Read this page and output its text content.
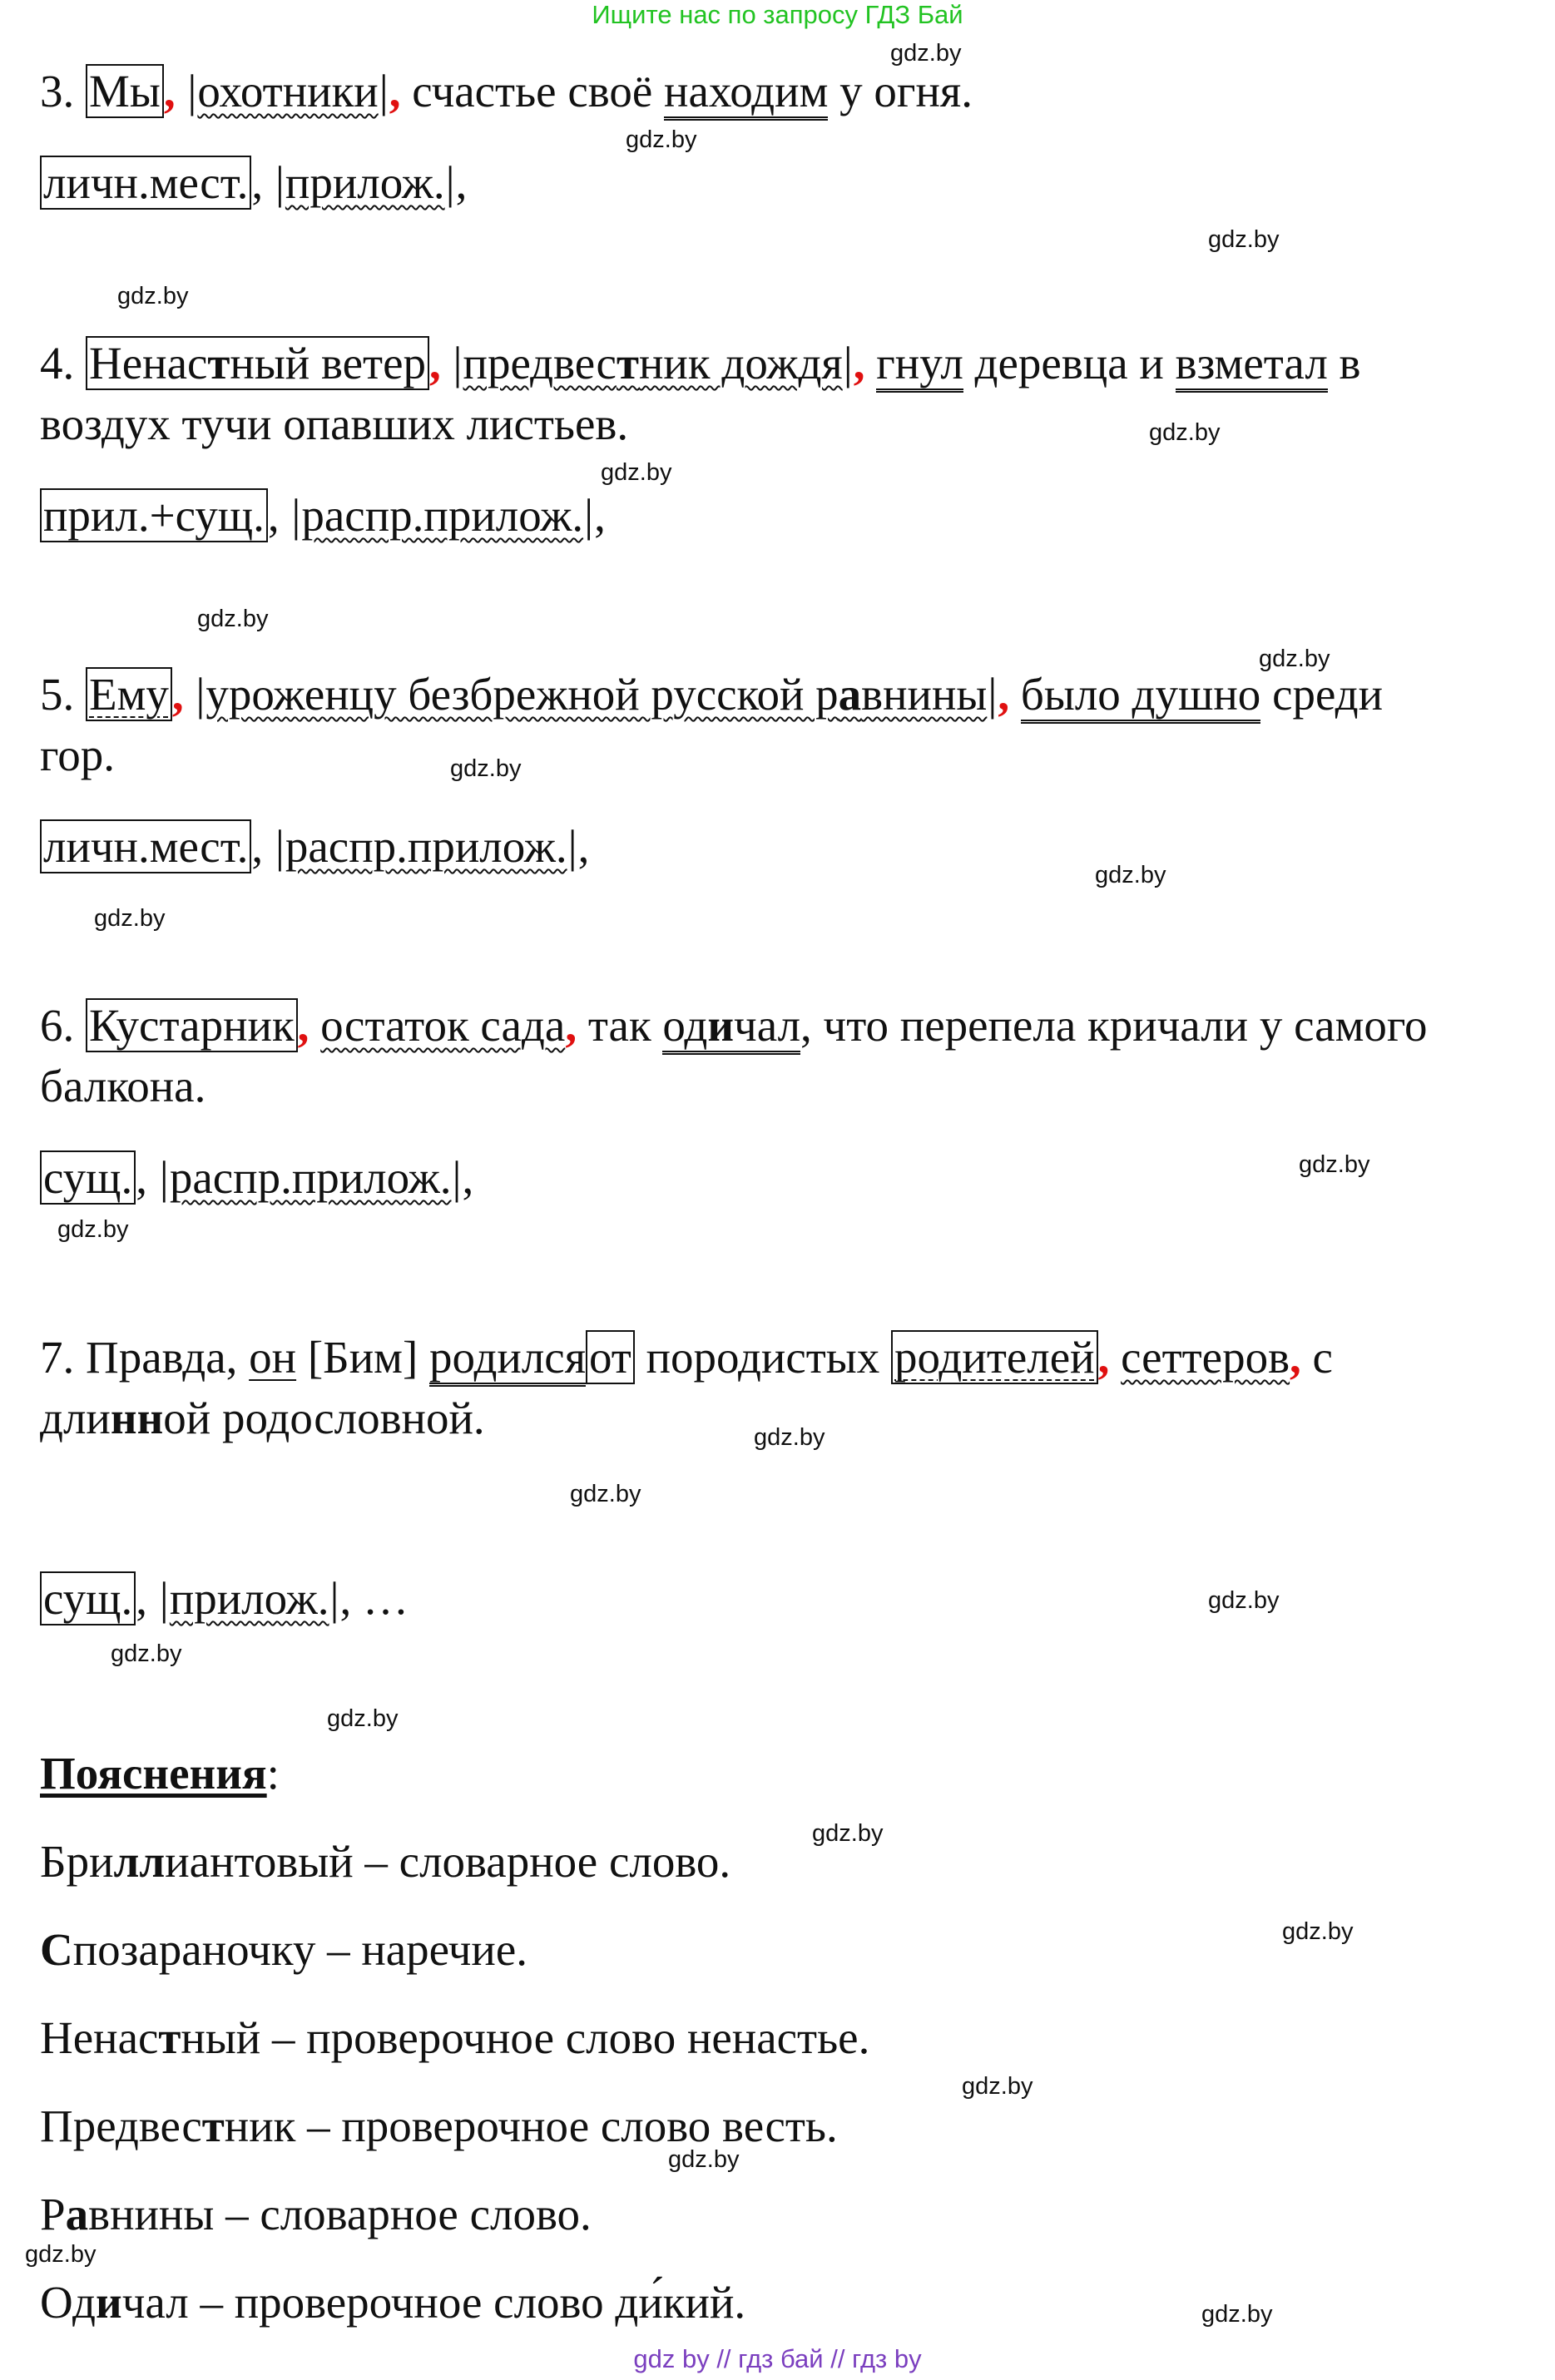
Ищите нас по запросу ГДЗ Бай
gdz.by
gdz.by
gdz.by
gdz.by
gdz.by
gdz.by
gdz.by
gdz.by
gdz.by
gdz.by
gdz.by
gdz.by
gdz.by
gdz.by
gdz.by
gdz.by
gdz.by
gdz.by
gdz.by
gdz.by
gdz.by
gdz.by
gdz.by
gdz.by
3. Мы, |охотники|, счастье своё находим у огня.
личн.мест., |прилож.|,
4. Ненастный ветер, |предвестник дождя|, гнул деревца и взметал в
воздух тучи опавших листьев.
прил.+сущ., |распр.прилож.|,
5. Ему, |уроженцу безбрежной русской равнины|, было душно среди
гор.
личн.мест., |распр.прилож.|,
6. Кустарник, остаток сада, так одичал, что перепела кричали у самого
балкона.
сущ., |распр.прилож.|,
7. Правда, он [Бим] родилсяот породистых родителей, сеттеров, с
длинной родословной.
сущ., |прилож.|, …
Пояснения:
Бриллиантовый – словарное слово.
Спозараночку – наречие.
Ненастный – проверочное слово ненастье.
Предвестник – проверочное слово весть.
Равнины – словарное слово.
Одичал – проверочное слово ди́кий.
gdz by // гдз бай // гдз by
